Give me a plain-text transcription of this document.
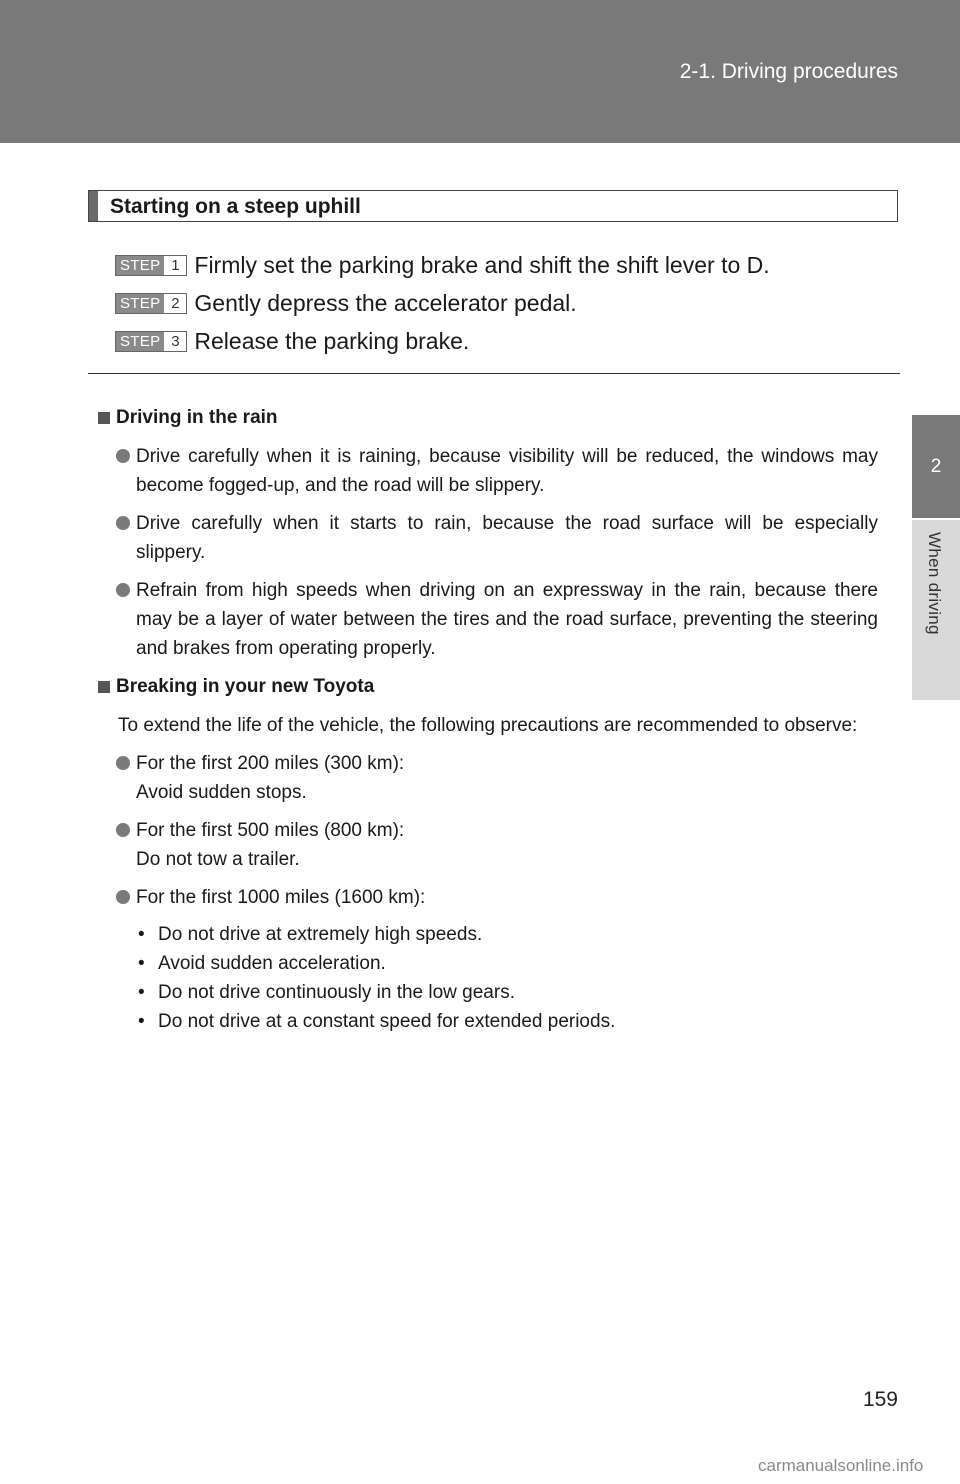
2-1. Driving procedures
2
When driving
Starting on a steep uphill
STEP 1 Firmly set the parking brake and shift the shift lever to D.
STEP 2 Gently depress the accelerator pedal.
STEP 3 Release the parking brake.
Driving in the rain
Drive carefully when it is raining, because visibility will be reduced, the windows may become fogged-up, and the road will be slippery.
Drive carefully when it starts to rain, because the road surface will be especially slippery.
Refrain from high speeds when driving on an expressway in the rain, because there may be a layer of water between the tires and the road surface, preventing the steering and brakes from operating properly.
Breaking in your new Toyota
To extend the life of the vehicle, the following precautions are recommended to observe:
For the first 200 miles (300 km):
Avoid sudden stops.
For the first 500 miles (800 km):
Do not tow a trailer.
For the first 1000 miles (1600 km):
• Do not drive at extremely high speeds.
• Avoid sudden acceleration.
• Do not drive continuously in the low gears.
• Do not drive at a constant speed for extended periods.
159
carmanualsonline.info
